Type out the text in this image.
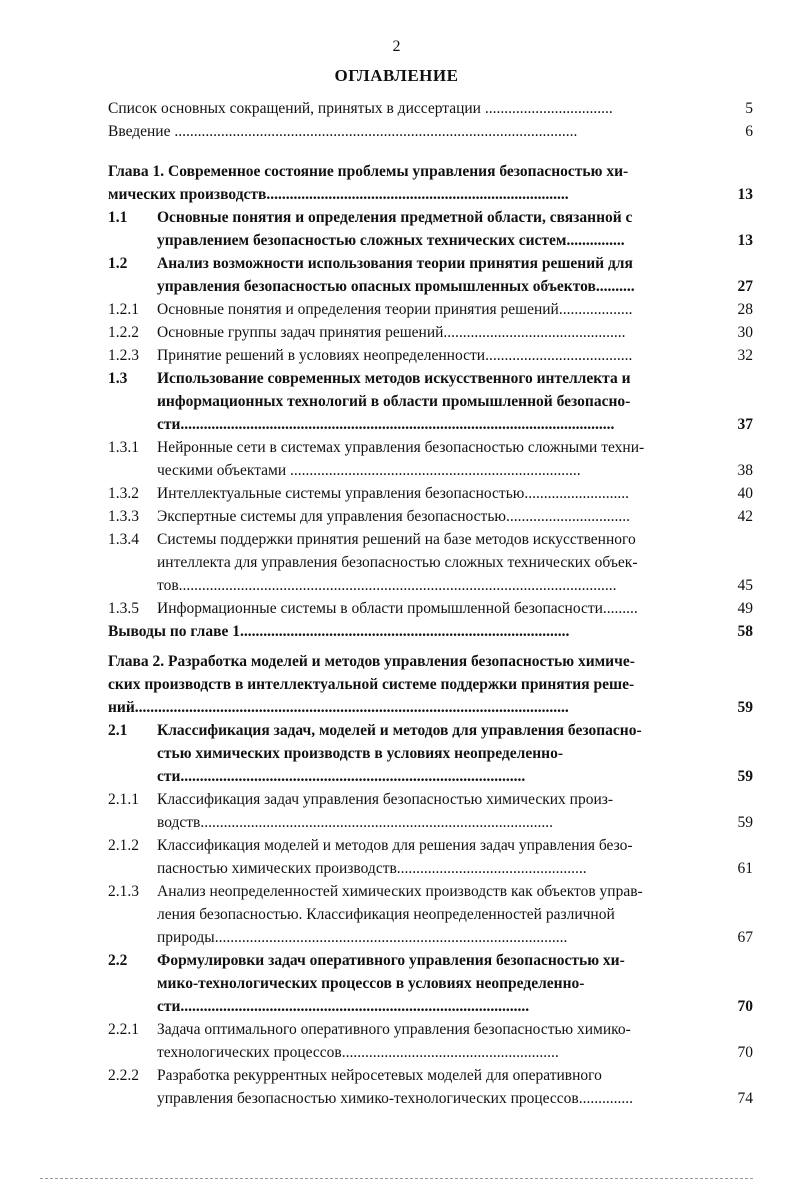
2
ОГЛАВЛЕНИЕ
Список основных сокращений, принятых в диссертации .................................	5
Введение ........................................................................................................	6
Глава 1. Современное состояние проблемы управления безопасностью хи-
мических производств..............................................................................	13
1.1	Основные понятия и определения предметной области, связанной с
управлением безопасностью сложных технических систем...............	13
1.2	Анализ возможности использования теории принятия решений для
управления безопасностью опасных промышленных объектов..........	27
1.2.1	Основные понятия и определения теории принятия решений...................	28
1.2.2	Основные группы задач принятия решений...............................................	30
1.2.3	Принятие решений в условиях неопределенности......................................	32
1.3	Использование современных методов искусственного интеллекта и
информационных технологий в области промышленной безопасно-
сти................................................................................................................	37
1.3.1	Нейронные сети в системах управления безопасностью сложными техни-
ческими объектами ...........................................................................	38
1.3.2	Интеллектуальные системы управления безопасностью...........................	40
1.3.3	Экспертные системы для управления безопасностью................................	42
1.3.4	Системы поддержки принятия решений на базе методов искусственного
интеллекта для управления безопасностью сложных технических объек-
тов.................................................................................................................	45
1.3.5	Информационные системы в области промышленной безопасности.........	49
Выводы по главе 1.....................................................................................	58
Глава 2. Разработка моделей и методов управления безопасностью химиче-
ских производств в интеллектуальной системе поддержки принятия реше-
ний................................................................................................................	59
2.1	Классификация задач, моделей и методов для управления безопасно-
стью химических производств в условиях неопределенно-
сти.........................................................................................	59
2.1.1	Классификация задач управления безопасностью химических произ-
водств...........................................................................................	59
2.1.2	Классификация моделей и методов для решения задач управления безо-
пасностью химических производств.................................................	61
2.1.3	Анализ неопределенностей химических производств как объектов управ-
ления безопасностью. Классификация неопределенностей различной
природы...........................................................................................	67
2.2	Формулировки задач оперативного управления безопасностью хи-
мико-технологических процессов в условиях неопределенно-
сти..........................................................................................	70
2.2.1	Задача оптимального оперативного управления безопасностью химико-
технологических процессов........................................................	70
2.2.2	Разработка рекуррентных нейросетевых моделей для оперативного
управления безопасностью химико-технологических процессов..............	74
